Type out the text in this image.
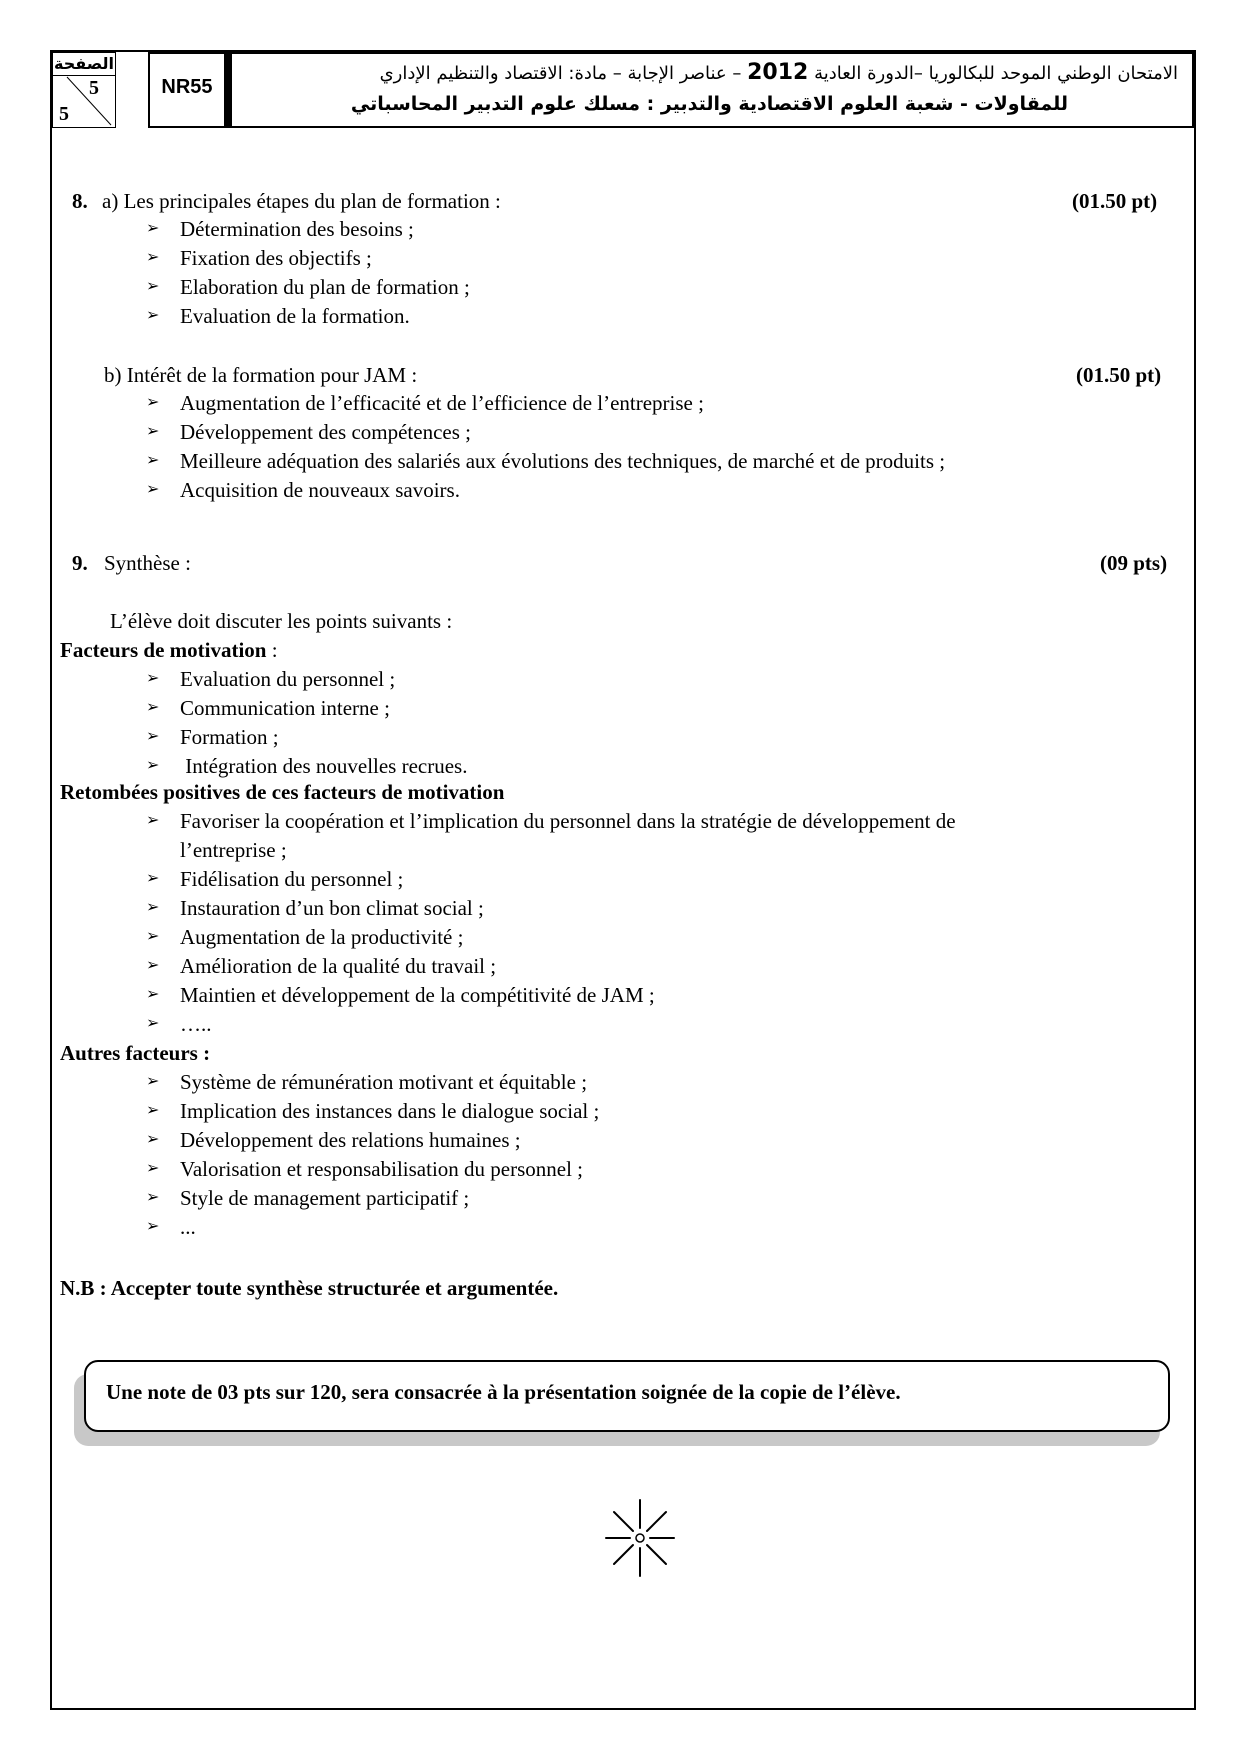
الصفحة
5
5
NR55
الامتحان الوطني الموحد للبكالوريا –الدورة العادية 2012 – عناصر الإجابة – مادة: الاقتصاد والتنظيم الإداري
للمقاولات - شعبة العلوم الاقتصادية والتدبير : مسلك علوم التدبير المحاسباتي
8. a) Les principales étapes du plan de formation :	(01.50 pt)
➢ Détermination des besoins ;
➢ Fixation des objectifs ;
➢ Elaboration du plan de formation ;
➢ Evaluation de la formation.
b) Intérêt de la formation pour JAM :	(01.50 pt)
➢ Augmentation de l’efficacité et de l’efficience de l’entreprise ;
➢ Développement des compétences ;
➢ Meilleure adéquation des salariés aux évolutions des techniques, de marché et de produits ;
➢ Acquisition de nouveaux savoirs.
9. Synthèse :	(09 pts)
L’élève doit discuter les points suivants :
Facteurs de motivation :
➢ Evaluation du personnel ;
➢ Communication interne ;
➢ Formation ;
➢ Intégration des nouvelles recrues.
Retombées positives de ces facteurs de motivation
➢ Favoriser la coopération et l’implication du personnel dans la stratégie de développement de
l’entreprise ;
➢ Fidélisation du personnel ;
➢ Instauration d’un bon climat social ;
➢ Augmentation de la productivité ;
➢ Amélioration de la qualité du travail ;
➢ Maintien et développement de la compétitivité de JAM ;
➢ …..
Autres facteurs :
➢ Système de rémunération motivant et équitable ;
➢ Implication des instances dans le dialogue social ;
➢ Développement des relations humaines ;
➢ Valorisation et responsabilisation du personnel ;
➢ Style de management participatif ;
➢ ...
N.B : Accepter toute synthèse structurée et argumentée.
Une note de 03 pts sur 120, sera consacrée à la présentation soignée de la copie de l’élève.
